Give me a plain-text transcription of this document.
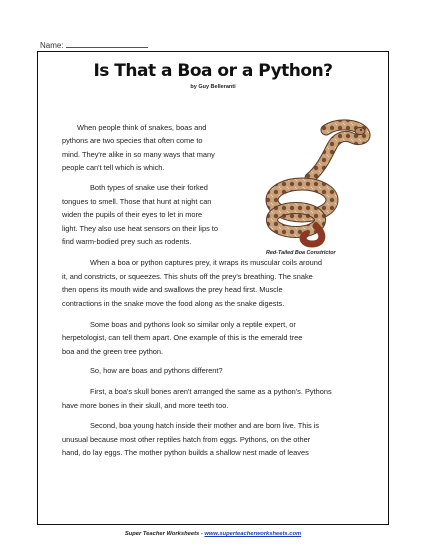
Name:
Is That a Boa or a Python?
by Guy Belleranti
When people think of snakes, boas and
pythons are two species that often come to
mind. They're alike in so many ways that many
people can't tell which is which.
Both types of snake use their forked
tongues to smell. Those that hunt at night can
widen the pupils of their eyes to let in more
light. They also use heat sensors on their lips to
find warm-bodied prey such as rodents.
When a boa or python captures prey, it wraps its muscular coils around
it, and constricts, or squeezes. This shuts off the prey's breathing. The snake
then opens its mouth wide and swallows the prey head first. Muscle
contractions in the snake move the food along as the snake digests.
Some boas and pythons look so similar only a reptile expert, or
herpetologist, can tell them apart. One example of this is the emerald tree
boa and the green tree python.
So, how are boas and pythons different?
First, a boa's skull bones aren't arranged the same as a python's. Pythons
have more bones in their skull, and more teeth too.
Second, boa young hatch inside their mother and are born live. This is
unusual because most other reptiles hatch from eggs. Pythons, on the other
hand, do lay eggs. The mother python builds a shallow nest made of leaves
Red-Tailed Boa Constrictor
Super Teacher Worksheets - www.superteacherworksheets.com
